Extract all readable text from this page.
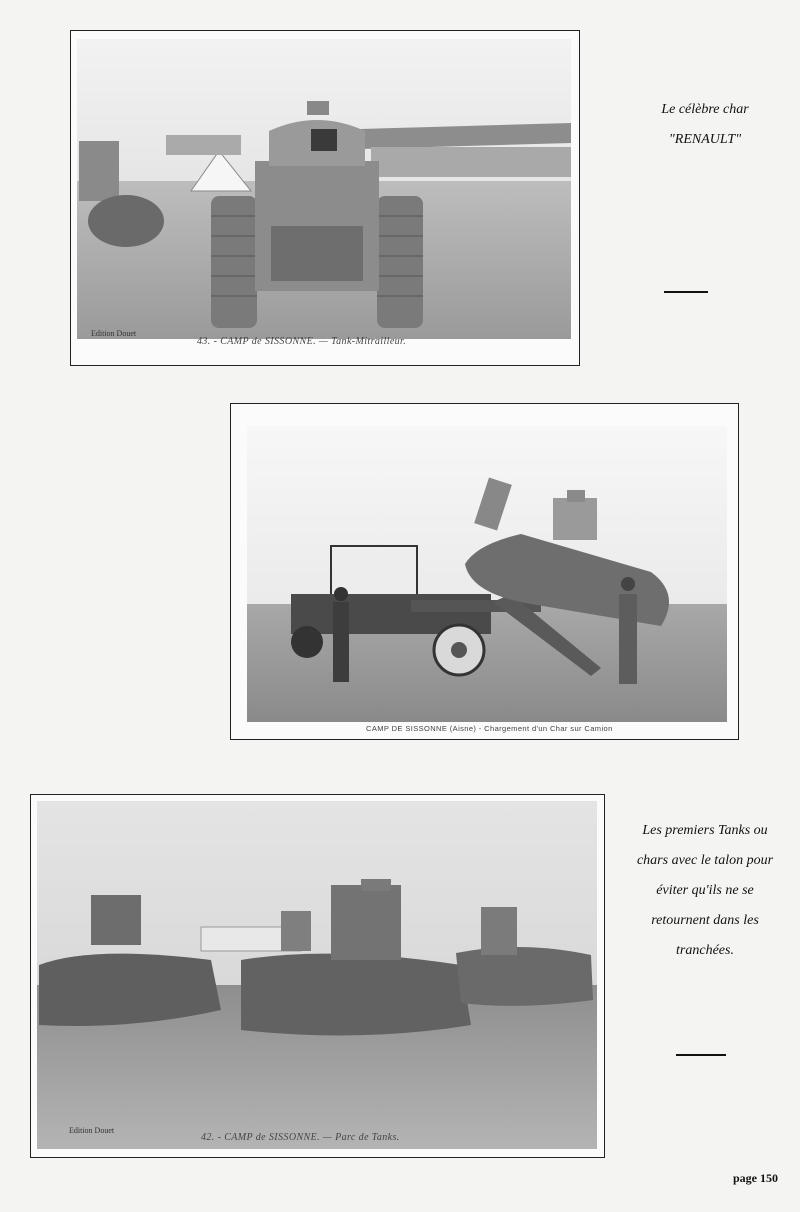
Edition Douet
43. - CAMP de SISSONNE. — Tank-Mitrailleur.
Le célèbre char
"RENAULT"
CAMP DE SISSONNE (Aisne) - Chargement d'un Char sur Camion
Edition Douet
42. - CAMP de SISSONNE. — Parc de Tanks.
Les premiers Tanks ou
chars avec le talon pour
éviter qu'ils ne se
retournent dans les
tranchées.
page 150
